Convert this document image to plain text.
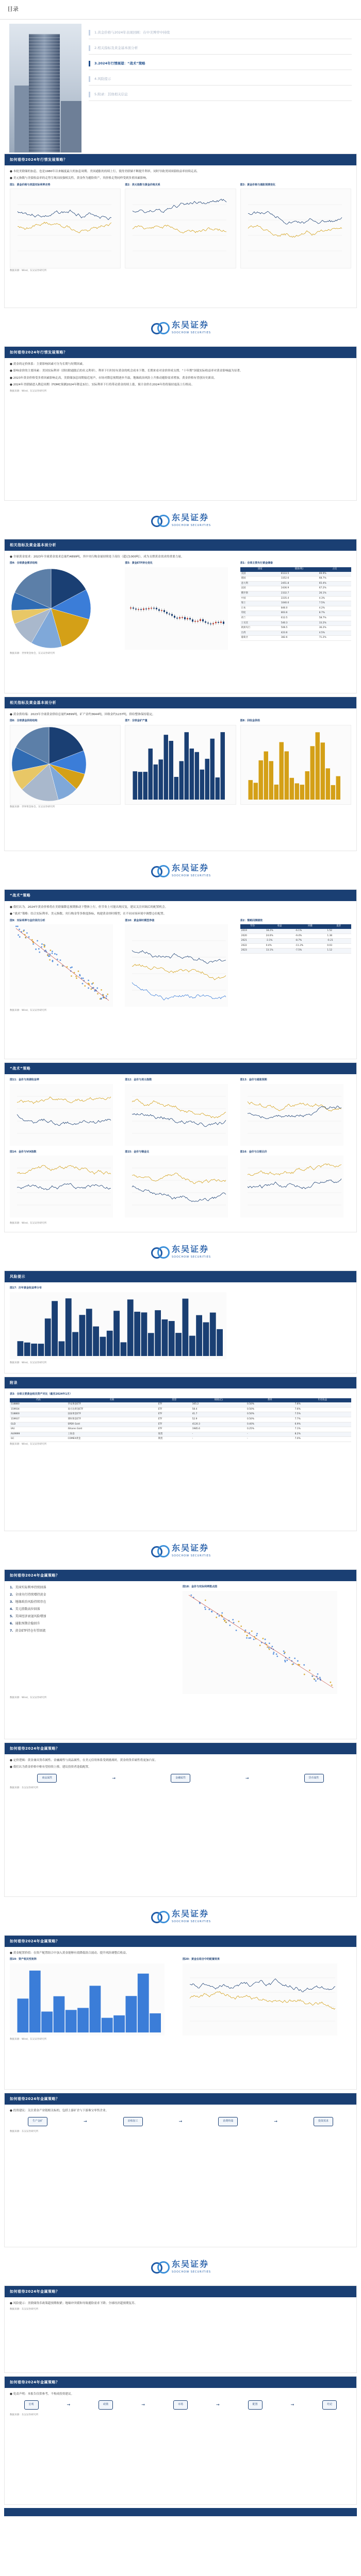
目录
1.黄金价格与2024年表现回顾：在中美博弈中持续
2.相关指标及黄金基本面分析
3.2024年行情展望：“战术”策略
4.风险提示
5.附录：其他相关信息
如何看待2024年行情发展策略？

● 本轮美联储的加息，也是1980年以来幅度最大的加息周期。美国通胀的持续上行，使得美联储不断提升利率，同时导致美国国债收益率持续走高。

● 美元指数与美债收益率的走势呈现出较强相关性，黄金作为避险资产，其价格走势同样受到多重因素影响。

图1：黄金价格与美国实际利率走势	图2：美元指数与黄金价格关系	图3：黄金价格与通胀预期变化
数据来源：Wind，东吴证券研究所
东吴证券
SOOCHOW SECURITIES
如何看待2024年行情发展策略？

● 黄金的定价体系：主要影响因素可分为长期与短期因素。

● 影响金价的主要因素：美国实际利率（即扣除通胀后的名义利率），利率下行时持有黄金的机会成本下降，长期来看对金价形成支撑。“十年期”国债实际收益率对黄金影响最为显著。

● 2023年黄金价格受多重因素影响走高，美联储加息周期接近尾声，市场对降息预期逐步升温，地缘政治风险上升推动避险需求增加，黄金价格有望创历史新高。

● 2024年美联储进入降息周期（FOMC预测2024年降息3次），实际利率下行将带动黄金持续上涨，预计金价在2024年仍将保持震荡上行格局。

数据来源：Wind，东吴证券研究所
东吴证券
SOOCHOW SECURITIES
相关指标及黄金基本面分析

● 全球黄金需求：2023年全球黄金需求总量约4899吨，其中央行购金量持续处于高位（超过1000吨），成为支撑黄金需求的重要力量。

图4：全球黄金需求结构	图5：黄金ETF持仓变化	表1：全球主要央行黄金储备
国家	储备(吨)	占比
美国	8133.5	69.9%
德国	3352.6	68.7%
意大利	2451.8	65.4%
法国	2436.9	67.2%
俄罗斯	2332.7	26.1%
中国	2235.4	4.3%
瑞士	1040.0	7.5%
日本	846.0	4.2%
印度	803.6	8.7%
荷兰	612.5	58.7%
土耳其	540.3	33.2%
欧洲央行	506.5	36.2%
台湾	423.6	4.5%
葡萄牙	382.6	71.2%
数据来源：世界黄金协会，东吴证券研究所
相关指标及黄金基本面分析

● 黄金供给端：2023年全球黄金供给总量约4899吨，矿产金约3644吨，回收金约1237吨，供给整体保持稳定。

图6：全球黄金供给结构	图7：全球金矿产量	图8：回收金供给
数据来源：世界黄金协会，东吴证券研究所
东吴证券
SOOCHOW SECURITIES
“战术”策略

● 我们认为，2024年黄金价格将在美联储降息预期推动下整体上行，但节奏上可能出现反复，建议关注回调后的配置机会。

● “战术”策略：结合实际利率、美元指数、央行购金等多维度指标，构建黄金择时模型，在不同市场环境中调整仓位配置。

图9：实际利率与金价回归分析	图10：黄金择时模型净值	表2：策略回测绩效
年份	收益	回撤	夏普
2019	18.2%	-6.1%	1.52
2020	24.6%	-9.4%	1.38
2021	-3.1%	-8.7%	-0.21
2022	0.4%	-11.2%	0.03
2023	13.1%	-7.5%	1.12
数据来源：Wind，东吴证券研究所
“战术”策略
图11：金价与美债收益率	图12：金价与美元指数	图13：金价与通胀预期
图14：金价与VIX指数	图15：金价与铜金比	图16：金价与白银比价
数据来源：Wind，东吴证券研究所
东吴证券
SOOCHOW SECURITIES
风险提示
图17：历年黄金收益率分布
数据来源：Wind，东吴证券研究所
附录
表3：全球主要黄金相关资产对比（截至2024年1月）
代码	名称	类型	规模(亿)	费率	年化收益
518880	华安黄金ETF	ETF	165.2	0.50%	7.8%
159934	易方达黄金ETF	ETF	58.4	0.50%	7.6%
518800	国泰黄金ETF	ETF	41.7	0.50%	7.5%
159937	博时黄金ETF	ETF	52.9	0.50%	7.7%
GLD	SPDR Gold	ETF	4120.3	0.40%	6.9%
IAU	iShares Gold	ETF	1985.6	0.25%	7.1%
AU9999	上海金	现货	-	-	8.2%
GC	COMEX黄金	期货	-	-	7.0%
数据来源：Wind，东吴证券研究所
东吴证券
SOOCHOW SECURITIES
如何看待2024年金属策略？
1. 美国实际利率持续回落
2. 全球央行持续增持黄金
3. 地缘政治风险持续存在
4. 美元指数高位回落
5. 美国经济衰退风险增加
6. 通胀预期企稳回升
7. 黄金ETF持仓有望回流
图18：金价与实际利率散点图
数据来源：Wind，东吴证券研究所
如何看待2024年金属策略？

● 定价逻辑：黄金兼具货币属性、金融属性与商品属性，在美元信用体系受到挑战时，黄金的货币属性将更加凸显。

● 我们认为黄金价格中枢有望持续上移，建议投资者逢低配置。

商品属性	→	金融属性	→	货币属性
数据来源：东吴证券研究所
东吴证券
SOOCHOW SECURITIES
如何看待2024年金属策略？

● 黄金配置价值：在资产配置组合中加入黄金能够有效降低组合波动、提升风险调整后收益。

图19：资产相关性矩阵	图20：黄金在组合中的配置效果
数据来源：Wind，东吴证券研究所
如何看待2024年金属策略？

● 投资建议：关注黄金产业链相关标的，包括上游矿企与下游珠宝零售企业。

生产金矿	→	冶炼加工	→	消费终端	→	投资需求
数据来源：东吴证券研究所
东吴证券
SOOCHOW SECURITIES
如何看待2024年金属策略？

● 风险提示：美联储货币政策超预期收紧；地缘冲突缓和导致避险需求下降；全球经济超预期复苏。

数据来源：东吴证券研究所
如何看待2024年金属策略？

● 免责声明：本报告仅供参考，不构成投资建议。

宏观	→	政策	→	市场	→	配置	→	结论
数据来源：东吴证券研究所
